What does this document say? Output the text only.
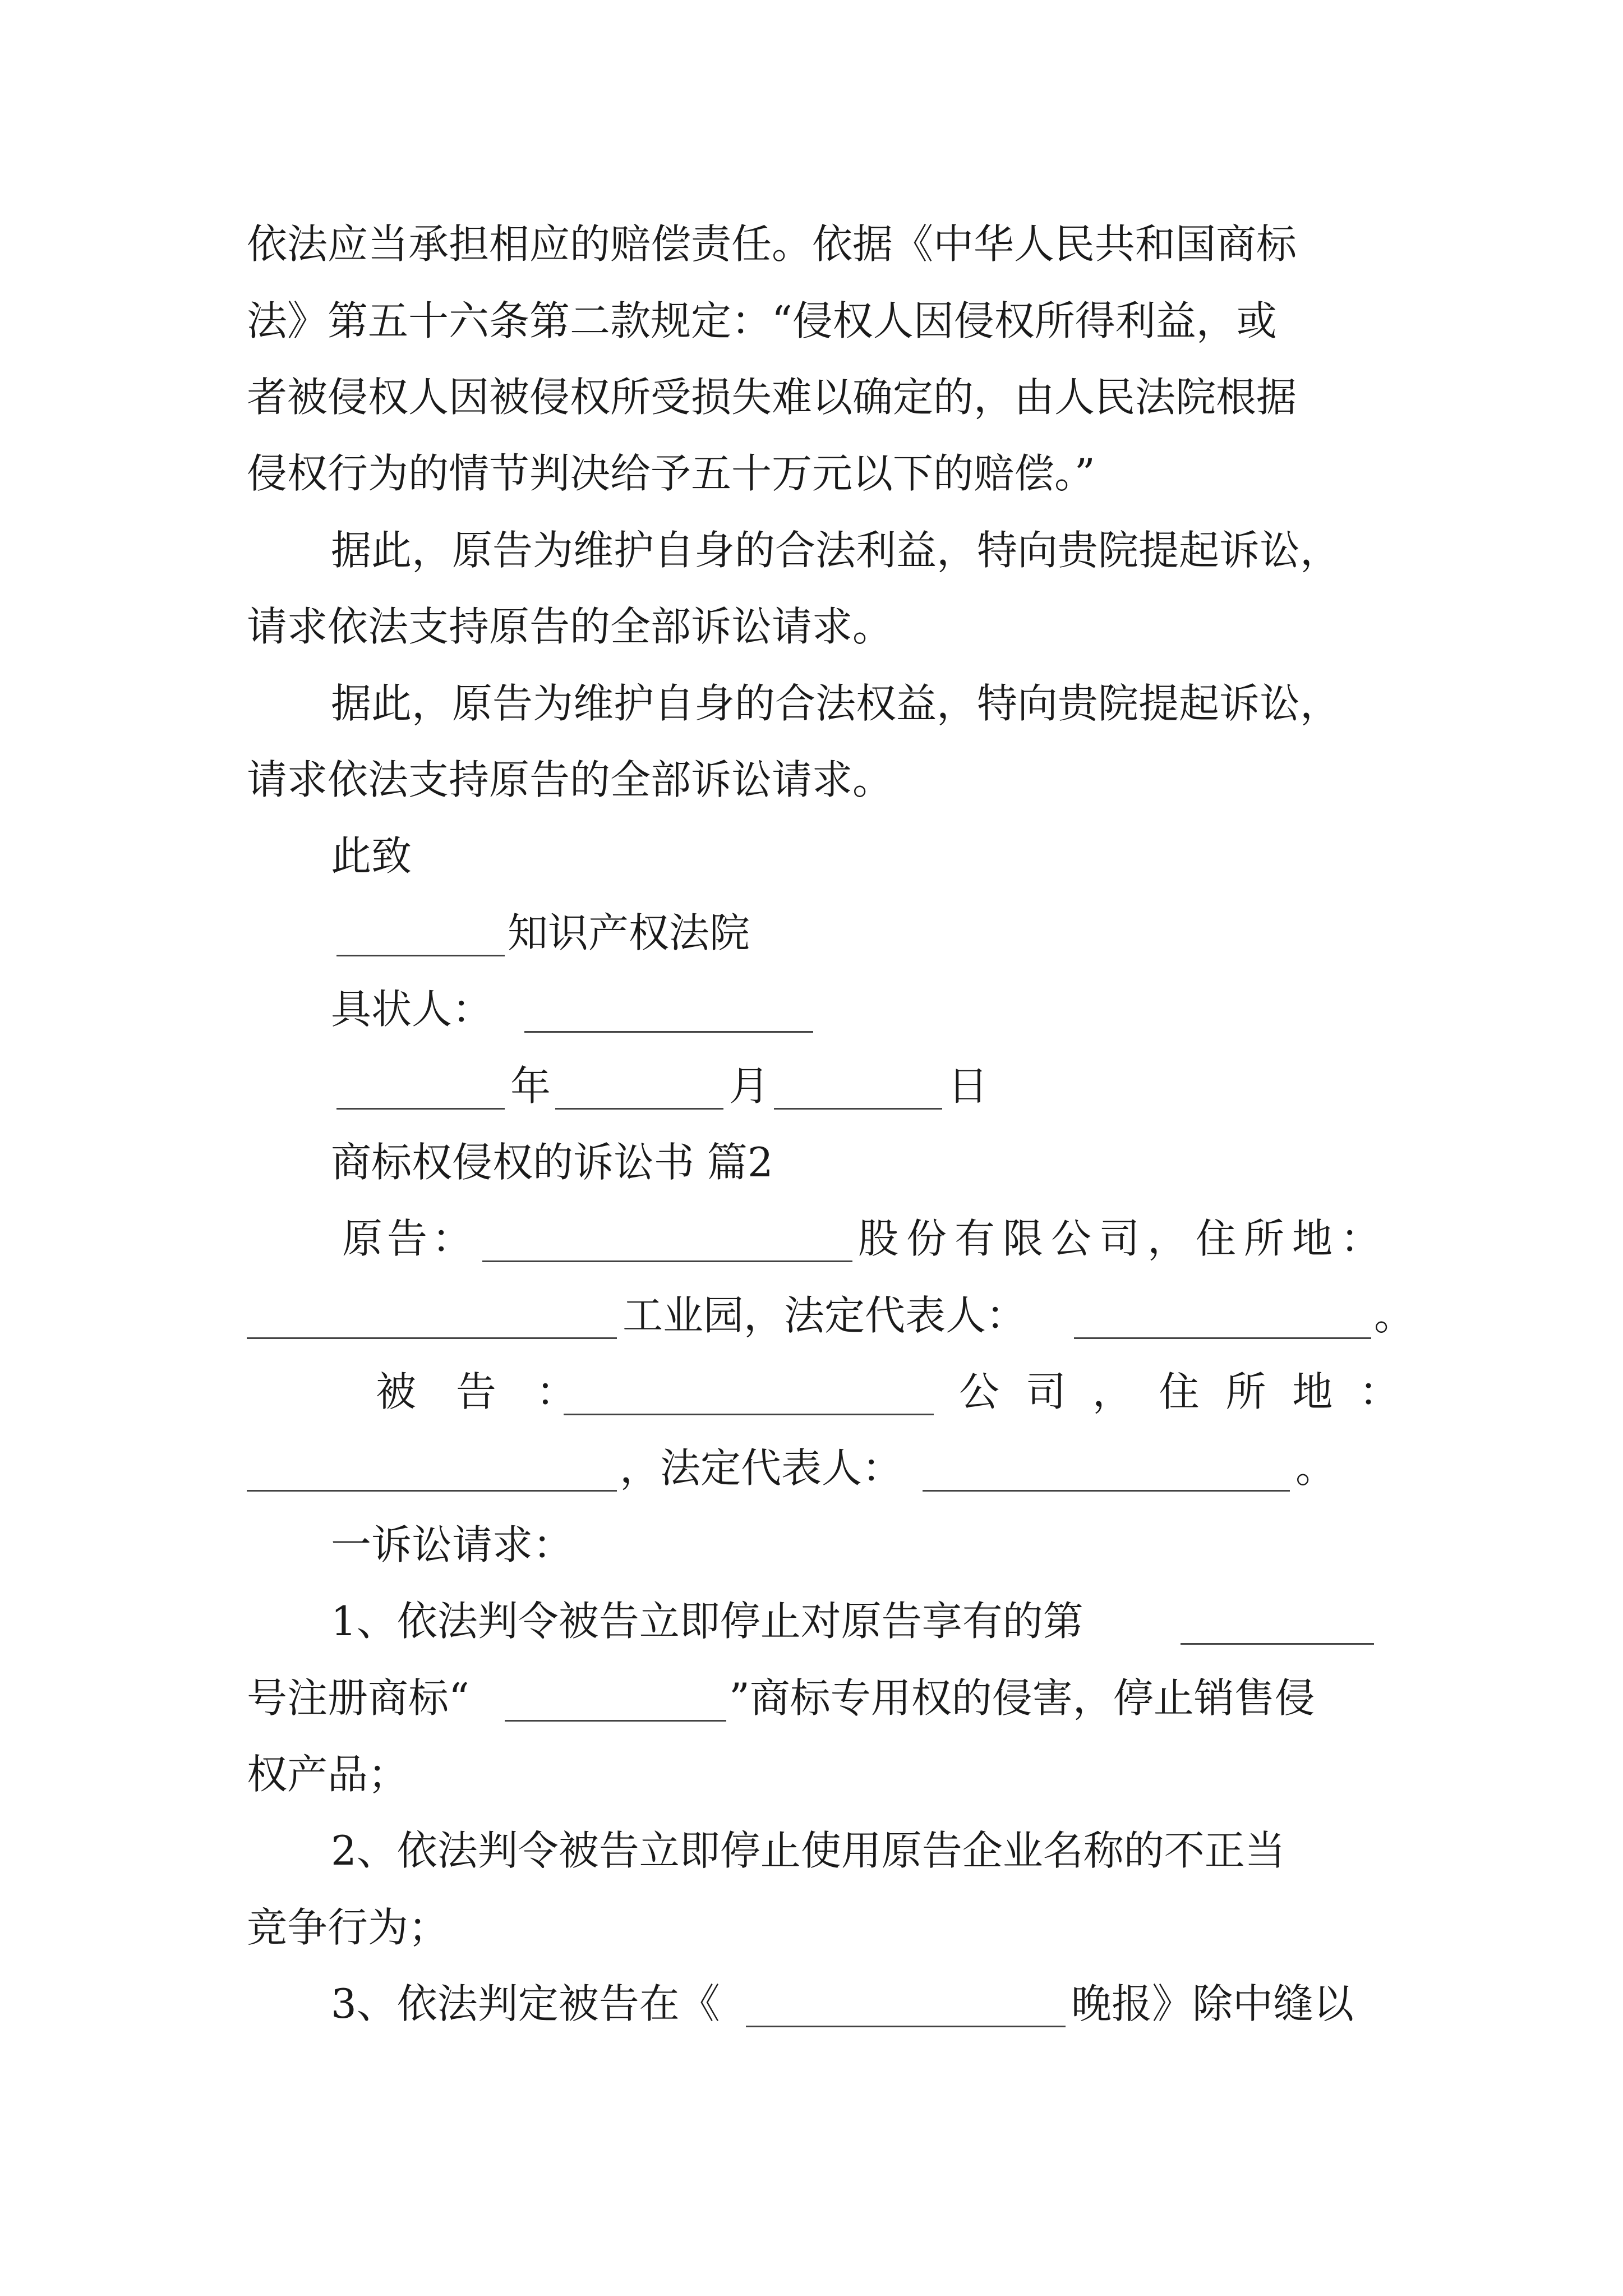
依法应当承担相应的赔偿责任。依据《中华人民共和国商标
法》第五十六条第二款规定：“侵权人因侵权所得利益，或
者被侵权人因被侵权所受损失难以确定的，由人民法院根据
侵权行为的情节判决给予五十万元以下的赔偿。”
据此，原告为维护自身的合法利益，特向贵院提起诉讼，
请求依法支持原告的全部诉讼请求。
据此，原告为维护自身的合法权益，特向贵院提起诉讼，
请求依法支持原告的全部诉讼请求。
此致
知识产权法院
具状人：
年	月	日
商标权侵权的诉讼书 篇2
原告：	股份有限公司，住所地：
工业园，法定代表人：	。
被 告 ：	公 司 ， 住 所 地 ：
，法定代表人：	。
一诉讼请求：
1、依法判令被告立即停止对原告享有的第
号注册商标“	”商标专用权的侵害，停止销售侵
权产品；
2、依法判令被告立即停止使用原告企业名称的不正当
竞争行为；
3、依法判定被告在《	晚报》除中缝以
